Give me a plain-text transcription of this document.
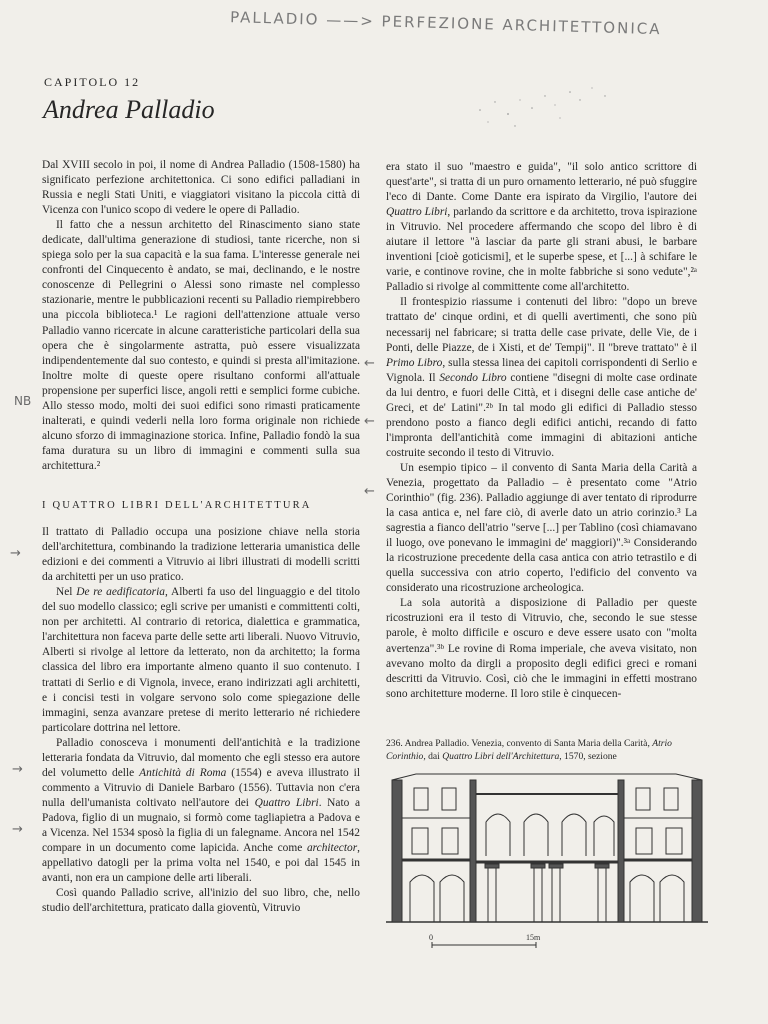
PALLADIO ——> PERFEZIONE ARCHITETTONICA
CAPITOLO 12
Andrea Palladio
NB
→
→
→
←
←
←

Dal XVIII secolo in poi, il nome di Andrea Palladio (1508-1580) ha significato perfezione architettonica. Ci sono edifici palladiani in Russia e negli Stati Uniti, e viaggiatori visitano la piccola città di Vicenza con l'unico scopo di vedere le opere di Palladio.

Il fatto che a nessun architetto del Rinascimento siano state dedicate, dall'ultima generazione di studiosi, tante ricerche, non si spiega solo per la sua capacità e la sua fama. L'interesse generale nei confronti del Cinquecento è andato, se mai, declinando, e le nostre conoscenze di Pellegrini o Alessi sono rimaste nel complesso stazionarie, mentre le pubblicazioni recenti su Palladio riempirebbero una piccola biblioteca.¹ Le ragioni dell'attenzione attuale verso Palladio vanno ricercate in alcune caratteristiche particolari della sua opera che è singolarmente astratta, può essere visualizzata indipendentemente dal suo contesto, e quindi si presta all'imitazione. Inoltre molte di queste opere risultano conformi all'attuale propensione per superfici lisce, angoli retti e semplici forme cubiche. Allo stesso modo, molti dei suoi edifici sono rimasti praticamente inalterati, e quindi vederli nella loro forma originale non richiede alcuno sforzo di immaginazione storica. Infine, Palladio fondò la sua fama duratura su un libro di immagini e commenti sulla sua architettura.²

I QUATTRO LIBRI DELL'ARCHITETTURA

Il trattato di Palladio occupa una posizione chiave nella storia dell'architettura, combinando la tradizione letteraria umanistica delle edizioni e dei commenti a Vitruvio ai libri illustrati di modelli scritti da architetti per un uso pratico.

Nel De re aedificatoria, Alberti fa uso del linguaggio e del titolo del suo modello classico; egli scrive per umanisti e committenti colti, non per architetti. Al contrario di retorica, dialettica e grammatica, l'architettura non faceva parte delle sette arti liberali. Nuovo Vitruvio, Alberti si rivolge al lettore da letterato, non da architetto; la forma classica del libro era importante almeno quanto il suo contenuto. I trattati di Serlio e di Vignola, invece, erano indirizzati agli architetti, e i concisi testi in volgare servono solo come spiegazione delle immagini, senza avanzare pretese di merito letterario né richiedere particolare dottrina nel lettore.

Palladio conosceva i monumenti dell'antichità e la tradizione letteraria fondata da Vitruvio, dal momento che egli stesso era autore del volumetto delle Antichità di Roma (1554) e aveva illustrato il commento a Vitruvio di Daniele Barbaro (1556). Tuttavia non c'era nulla dell'umanista coltivato nell'autore dei Quattro Libri. Nato a Padova, figlio di un mugnaio, si formò come tagliapietra a Padova e a Vicenza. Nel 1534 sposò la figlia di un falegname. Ancora nel 1542 compare in un documento come lapicida. Anche come architector, appellativo datogli per la prima volta nel 1540, e poi dal 1545 in avanti, non era un campione delle arti liberali.

Così quando Palladio scrive, all'inizio del suo libro, che, nello studio dell'architettura, praticato dalla gioventù, Vitruvio

era stato il suo "maestro e guida", "il solo antico scrittore di quest'arte", si tratta di un puro ornamento letterario, né può sfuggire l'eco di Dante. Come Dante era ispirato da Virgilio, l'autore dei Quattro Libri, parlando da scrittore e da architetto, trova ispirazione in Vitruvio. Nel procedere affermando che scopo del libro è di aiutare il lettore "à lasciar da parte gli strani abusi, le barbare inventioni [cioè goticismi], et le superbe spese, et [...] à schifare le varie, e continove rovine, che in molte fabbriche si sono vedute",²ᵃ Palladio si rivolge al committente come all'architetto.

Il frontespizio riassume i contenuti del libro: "dopo un breve trattato de' cinque ordini, et di quelli avertimenti, che sono più necessarij nel fabricare; si tratta delle case private, delle Vie, de i Ponti, delle Piazze, de i Xisti, et de' Tempij". Il "breve trattato" è il Primo Libro, sulla stessa linea dei capitoli corrispondenti di Serlio e Vignola. Il Secondo Libro contiene "disegni di molte case ordinate da lui dentro, e fuori delle Città, et i disegni delle case antiche de' Greci, et de' Latini".²ᵇ In tal modo gli edifici di Palladio stesso prendono posto a fianco degli edifici antichi, recando di fatto l'impronta dell'antichità come immagini di abitazioni antiche costruite secondo il testo di Vitruvio.

Un esempio tipico – il convento di Santa Maria della Carità a Venezia, progettato da Palladio – è presentato come "Atrio Corinthio" (fig. 236). Palladio aggiunge di aver tentato di riprodurre la casa antica e, nel fare ciò, di averle dato un atrio corinzio.³ La sagrestia a fianco dell'atrio "serve [...] per Tablino (così chiamavano il luogo, ove ponevano le immagini de' maggiori)".³ᵃ Considerando la ricostruzione precedente della casa antica con atrio tetrastilo e di quella successiva con atrio coperto, l'edificio del convento va considerato una ricostruzione archeologica.

La sola autorità a disposizione di Palladio per queste ricostruzioni era il testo di Vitruvio, che, secondo le sue stesse parole, è molto difficile e oscuro e deve essere usato con "molta avertenza".³ᵇ Le rovine di Roma imperiale, che aveva visitato, non avevano molto da dirgli a proposito degli edifici greci e romani descritti da Vitruvio. Così, ciò che le immagini in effetti mostrano sono architetture moderne. Il loro stile è cinquecen-

236. Andrea Palladio. Venezia, convento di Santa Maria della Carità, Atrio Corinthio, dai Quattro Libri dell'Architettura, 1570, sezione
0	15m
